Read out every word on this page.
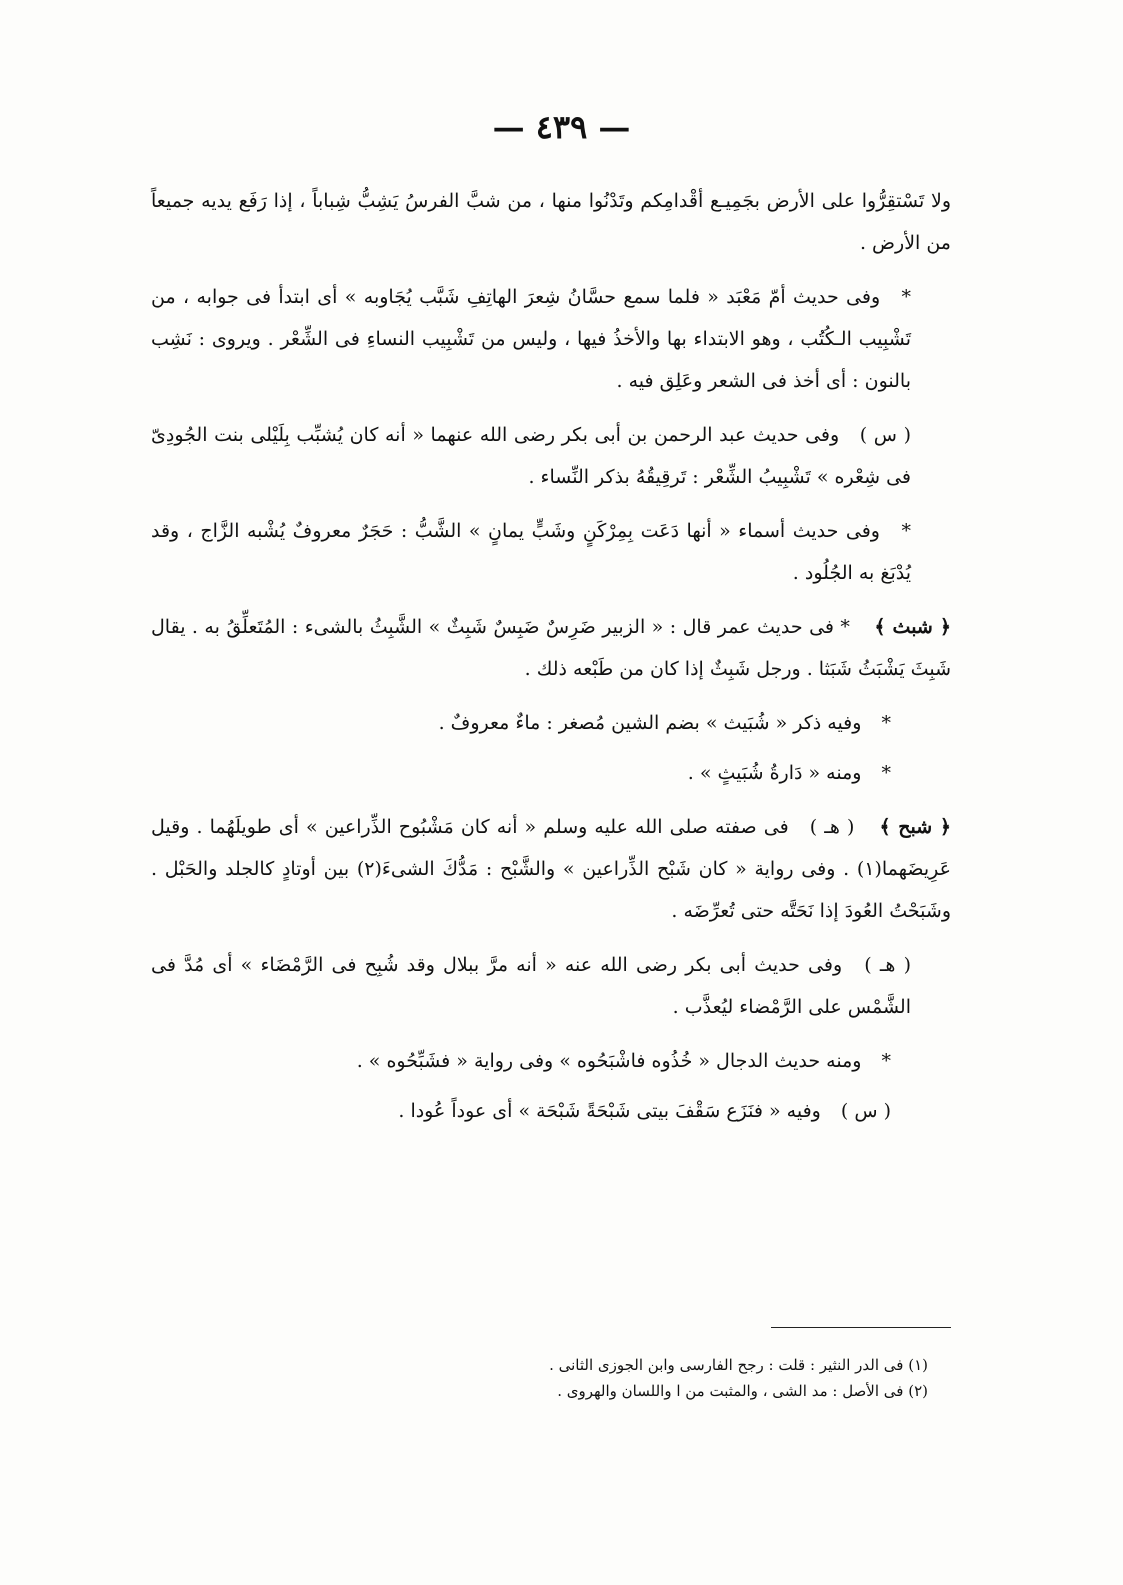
— ٤٣٩ —

ولا تَسْتقِرُّوا على الأرض بجَمِيـع أقْدامِكم وتَدْنُوا منها ، من شبَّ الفرسُ يَشِبُّ شِباباً ، إذا رَفَع يديه جميعاً من الأرض .

* وفى حديث أمّ مَعْبَد « فلما سمع حسَّانُ شِعرَ الهاتِفِ شَبَّب يُجَاوبه » أى ابتدأ فى جوابه ، من تَشْبِيب الـكُتُب ، وهو الابتداء بها والأخذُ فيها ، وليس من تَشْبِيب النساءِ فى الشِّعْر . ويروى : نَشِب بالنون : أى أخذ فى الشعر وعَلِق فيه .

( س ) وفى حديث عبد الرحمن بن أبى بكر رضى الله عنهما « أنه كان يُشبِّب بِلَيْلى بنت الجُودِىّ فى شِعْره » تَشْبِيبُ الشِّعْر : تَرقِيقُهُ بذكر النِّساء .

* وفى حديث أسماء « أنها دَعَت بِمِرْكَنٍ وشَبٍّ يمانٍ » الشَّبُّ : حَجَرٌ معروفٌ يُشْبه الزَّاج ، وقد يُدْبَغ به الجُلُود .

﴿ شبث ﴾ * فى حديث عمر قال : « الزبير ضَرِسٌ ضَبِسٌ شَبِثٌ » الشَّبِثُ بالشىء : المُتَعلِّقُ به . يقال شَبِثَ يَشْبَثُ شَبَثا . ورجل شَبِثٌ إذا كان من طَبْعه ذلك .

* وفيه ذكر « شُبَيث » بضم الشين مُصغر : ماءٌ معروفٌ .

* ومنه « دَارةُ شُبَيثٍ » .

﴿ شبح ﴾ ( هـ ) فى صفته صلى الله عليه وسلم « أنه كان مَشْبُوح الذِّراعين » أى طويلَهُما . وقيل عَرِيضَهما(١) . وفى رواية « كان شَبْح الذِّراعين » والشَّبْح : مَدُّكَ الشىءَ(٢) بين أوتادٍ كالجلد والحَبْل . وشَبَحْتُ العُودَ إذا نَحَتَّه حتى تُعرِّضَه .

( هـ ) وفى حديث أبى بكر رضى الله عنه « أنه مرَّ ببلال وقد شُبِح فى الرَّمْضَاء » أى مُدَّ فى الشَّمْس على الرَّمْضاء ليُعذَّب .

* ومنه حديث الدجال « خُذُوه فاشْبَحُوه » وفى رواية « فشَبِّحُوه » .

( س ) وفيه « فنَزَع سَقْفَ بيتى شَبْحَةً شَبْحَة » أى عوداً عُودا .

(١) فى الدر النثير : قلت : رجح الفارسى وابن الجوزى الثانى .

(٢) فى الأصل : مد الشى ، والمثبت من ا واللسان والهروى .
